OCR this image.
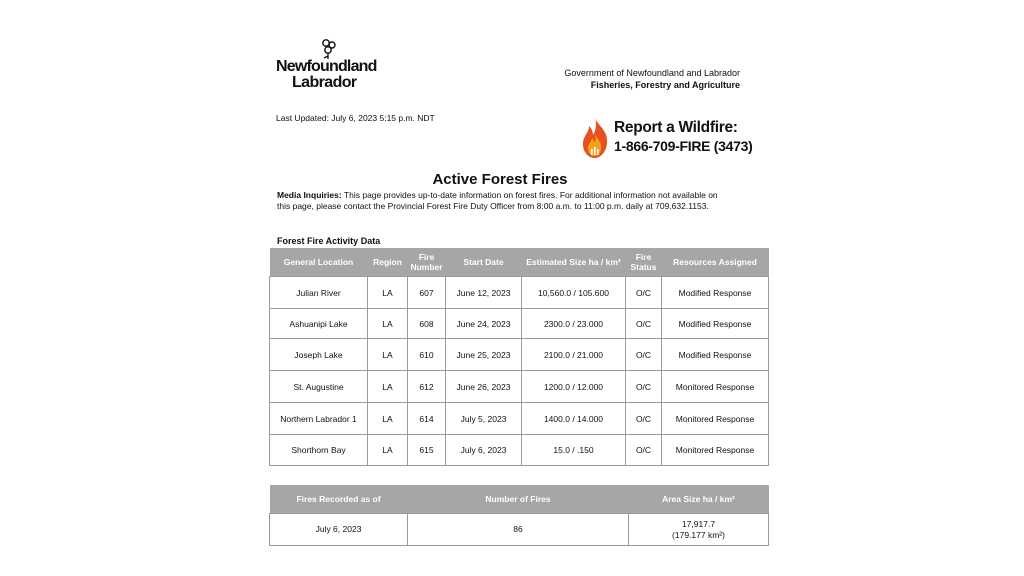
Newfoundland
Labrador
Government of Newfoundland and Labrador
Fisheries, Forestry and Agriculture
Last Updated: July 6, 2023 5:15 p.m. NDT
Report a Wildfire:
1-866-709-FIRE (3473)
Active Forest Fires
Media Inquiries: This page provides up-to-date information on forest fires. For additional information not available on this page, please contact the Provincial Forest Fire Duty Officer from 8:00 a.m. to 11:00 p.m. daily at 709.632.1153.
Forest Fire Activity Data
General Location	Region	Fire Number	Start Date	Estimated Size ha / km²	Fire Status	Resources Assigned
Julian River	LA	607	June 12, 2023	10,560.0 / 105.600	O/C	Modified Response
Ashuanipi Lake	LA	608	June 24, 2023	2300.0 / 23.000	O/C	Modified Response
Joseph Lake	LA	610	June 25, 2023	2100.0 / 21.000	O/C	Modified Response
St. Augustine	LA	612	June 26, 2023	1200.0 / 12.000	O/C	Monitored Response
Northern Labrador 1	LA	614	July 5, 2023	1400.0 / 14.000	O/C	Monitored Response
Shorthorn Bay	LA	615	July 6, 2023	15.0 / .150	O/C	Monitored Response
Fires Recorded as of	Number of Fires	Area Size ha / km²
July 6, 2023	86	17,917.7
(179.177 km²)
